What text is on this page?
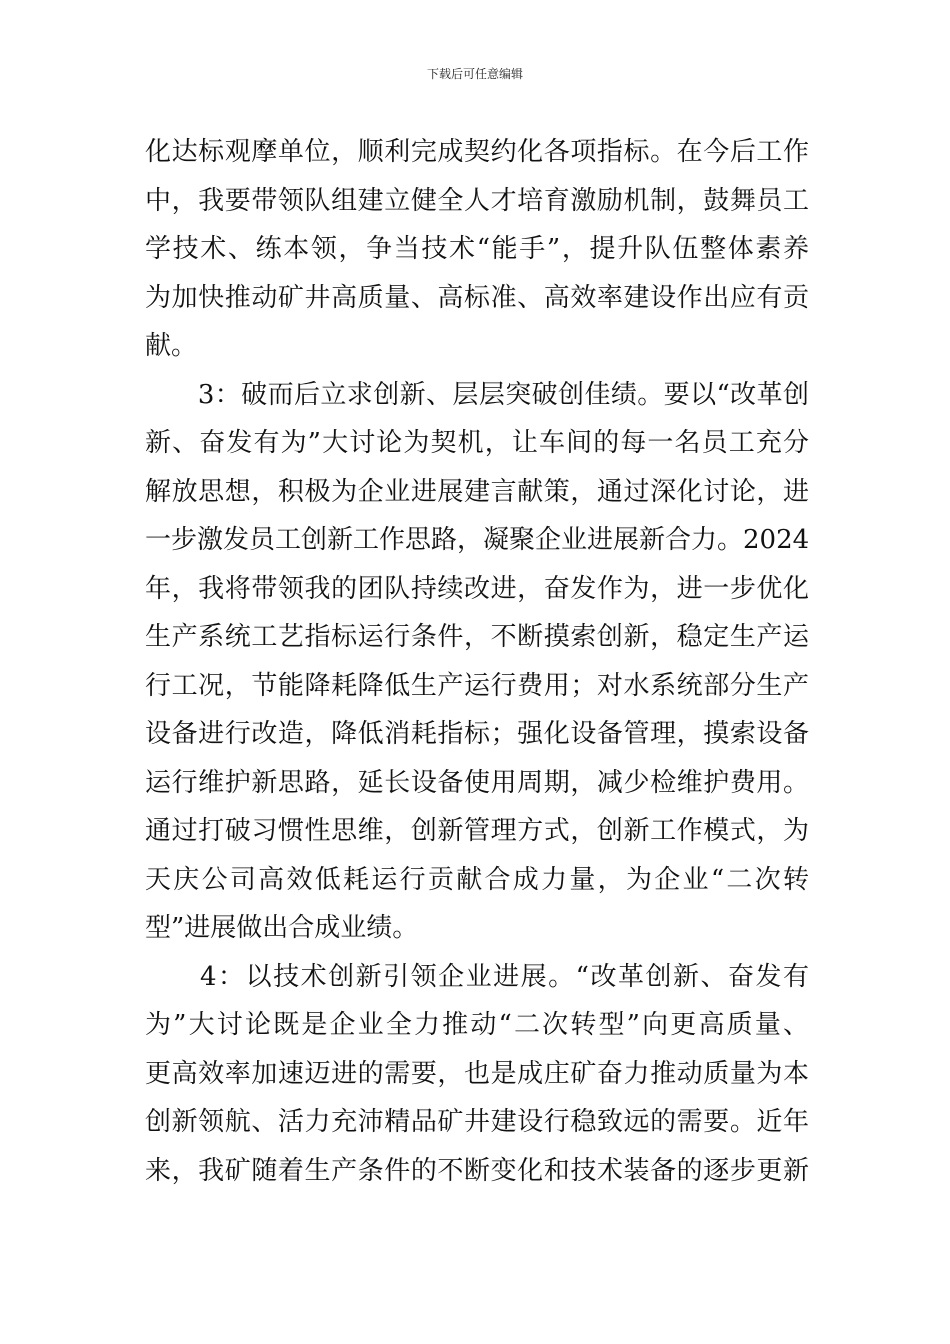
下载后可任意编辑
化达标观摩单位，顺利完成契约化各项指标。在今后工作
中，我要带领队组建立健全人才培育激励机制，鼓舞员工
学技术、练本领，争当技术“能手”，提升队伍整体素养
为加快推动矿井高质量、高标准、高效率建设作出应有贡
献。
　　3：破而后立求创新、层层突破创佳绩。要以“改革创
新、奋发有为”大讨论为契机，让车间的每一名员工充分
解放思想，积极为企业进展建言献策，通过深化讨论，进
一步激发员工创新工作思路，凝聚企业进展新合力。2024
年，我将带领我的团队持续改进，奋发作为，进一步优化
生产系统工艺指标运行条件，不断摸索创新，稳定生产运
行工况，节能降耗降低生产运行费用；对水系统部分生产
设备进行改造，降低消耗指标；强化设备管理，摸索设备
运行维护新思路，延长设备使用周期，减少检维护费用。
通过打破习惯性思维，创新管理方式，创新工作模式，为
天庆公司高效低耗运行贡献合成力量，为企业“二次转
型”进展做出合成业绩。
　　4：以技术创新引领企业进展。“改革创新、奋发有
为”大讨论既是企业全力推动“二次转型”向更高质量、
更高效率加速迈进的需要，也是成庄矿奋力推动质量为本
创新领航、活力充沛精品矿井建设行稳致远的需要。近年
来，我矿随着生产条件的不断变化和技术装备的逐步更新
